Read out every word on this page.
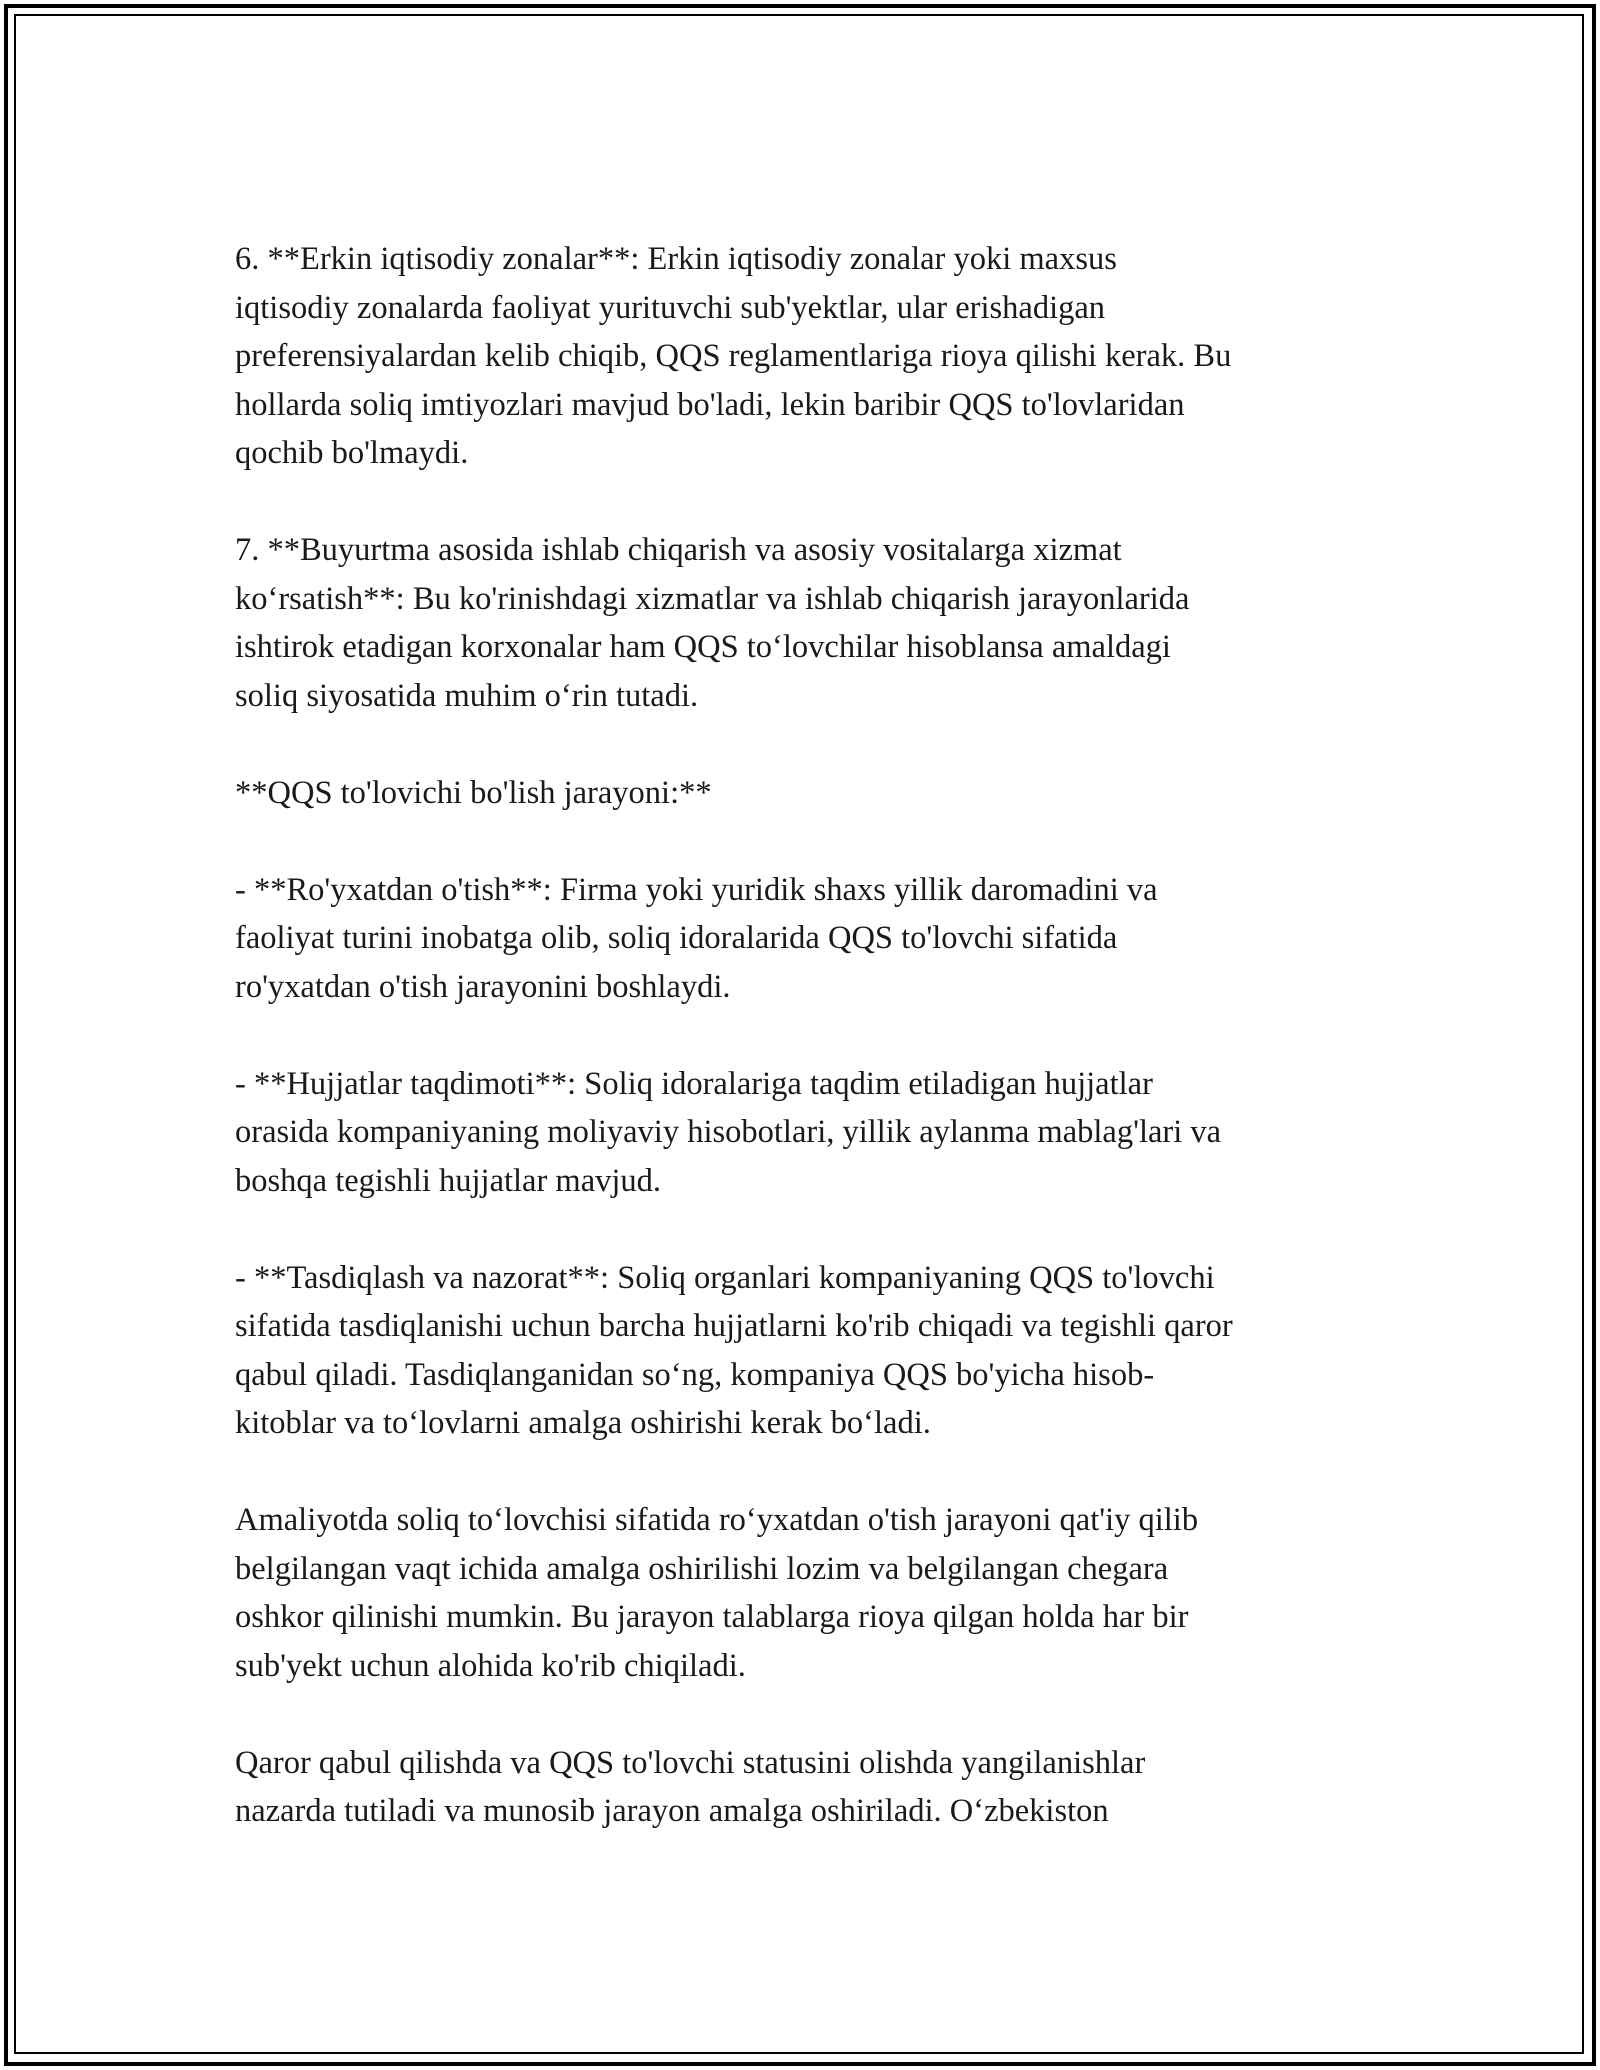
6. **Erkin iqtisodiy zonalar**: Erkin iqtisodiy zonalar yoki maxsus
iqtisodiy zonalarda faoliyat yurituvchi sub'yektlar, ular erishadigan
preferensiyalardan kelib chiqib, QQS reglamentlariga rioya qilishi kerak. Bu
hollarda soliq imtiyozlari mavjud bo'ladi, lekin baribir QQS to'lovlaridan
qochib bo'lmaydi.
7. **Buyurtma asosida ishlab chiqarish va asosiy vositalarga xizmat
ko‘rsatish**: Bu ko'rinishdagi xizmatlar va ishlab chiqarish jarayonlarida
ishtirok etadigan korxonalar ham QQS to‘lovchilar hisoblansa amaldagi
soliq siyosatida muhim o‘rin tutadi.
**QQS to'lovichi bo'lish jarayoni:**
- **Ro'yxatdan o'tish**: Firma yoki yuridik shaxs yillik daromadini va
faoliyat turini inobatga olib, soliq idoralarida QQS to'lovchi sifatida
ro'yxatdan o'tish jarayonini boshlaydi.
- **Hujjatlar taqdimoti**: Soliq idoralariga taqdim etiladigan hujjatlar
orasida kompaniyaning moliyaviy hisobotlari, yillik aylanma mablag'lari va
boshqa tegishli hujjatlar mavjud.
- **Tasdiqlash va nazorat**: Soliq organlari kompaniyaning QQS to'lovchi
sifatida tasdiqlanishi uchun barcha hujjatlarni ko'rib chiqadi va tegishli qaror
qabul qiladi. Tasdiqlanganidan so‘ng, kompaniya QQS bo'yicha hisob-
kitoblar va to‘lovlarni amalga oshirishi kerak bo‘ladi.
Amaliyotda soliq to‘lovchisi sifatida ro‘yxatdan o'tish jarayoni qat'iy qilib
belgilangan vaqt ichida amalga oshirilishi lozim va belgilangan chegara
oshkor qilinishi mumkin. Bu jarayon talablarga rioya qilgan holda har bir
sub'yekt uchun alohida ko'rib chiqiladi.
Qaror qabul qilishda va QQS to'lovchi statusini olishda yangilanishlar
nazarda tutiladi va munosib jarayon amalga oshiriladi. O‘zbekiston
